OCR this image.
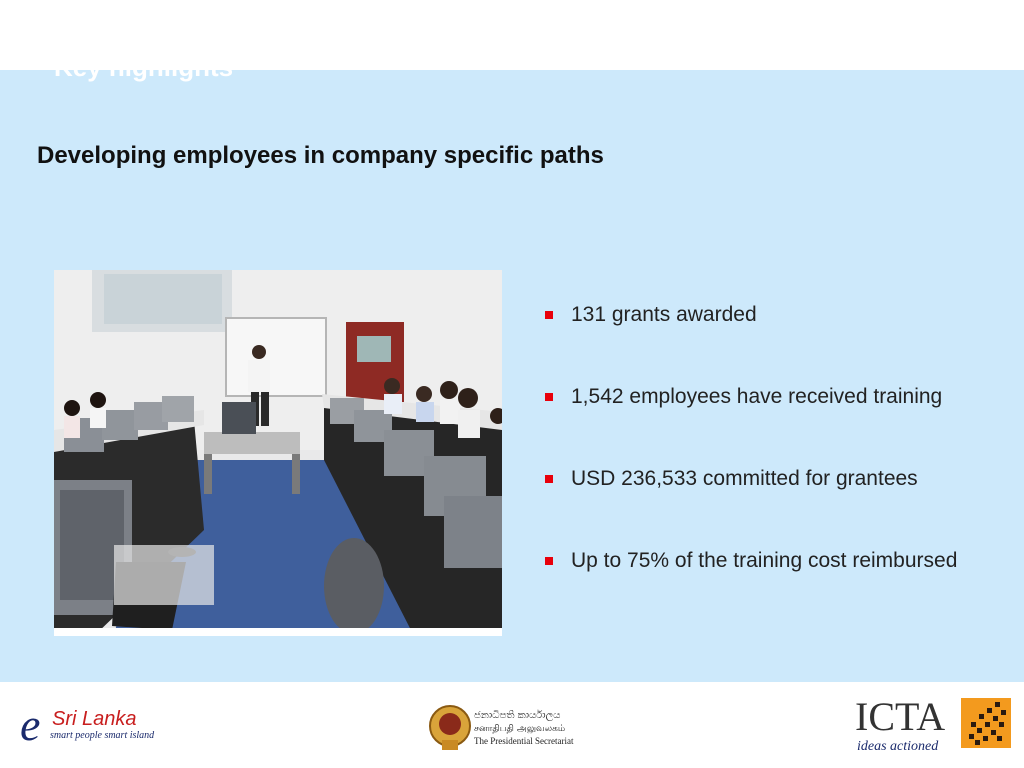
Key highlights
Developing employees in company specific paths
131 grants awarded
1,542 employees have received training
USD 236,533 committed for grantees
Up to 75% of the training cost reimbursed
e Sri Lanka
smart people smart island
ජනාධිපති කාර්යාලය
சனாதிபதி அலுவலகம்
The Presidential Secretariat
ICTA
ideas actioned
